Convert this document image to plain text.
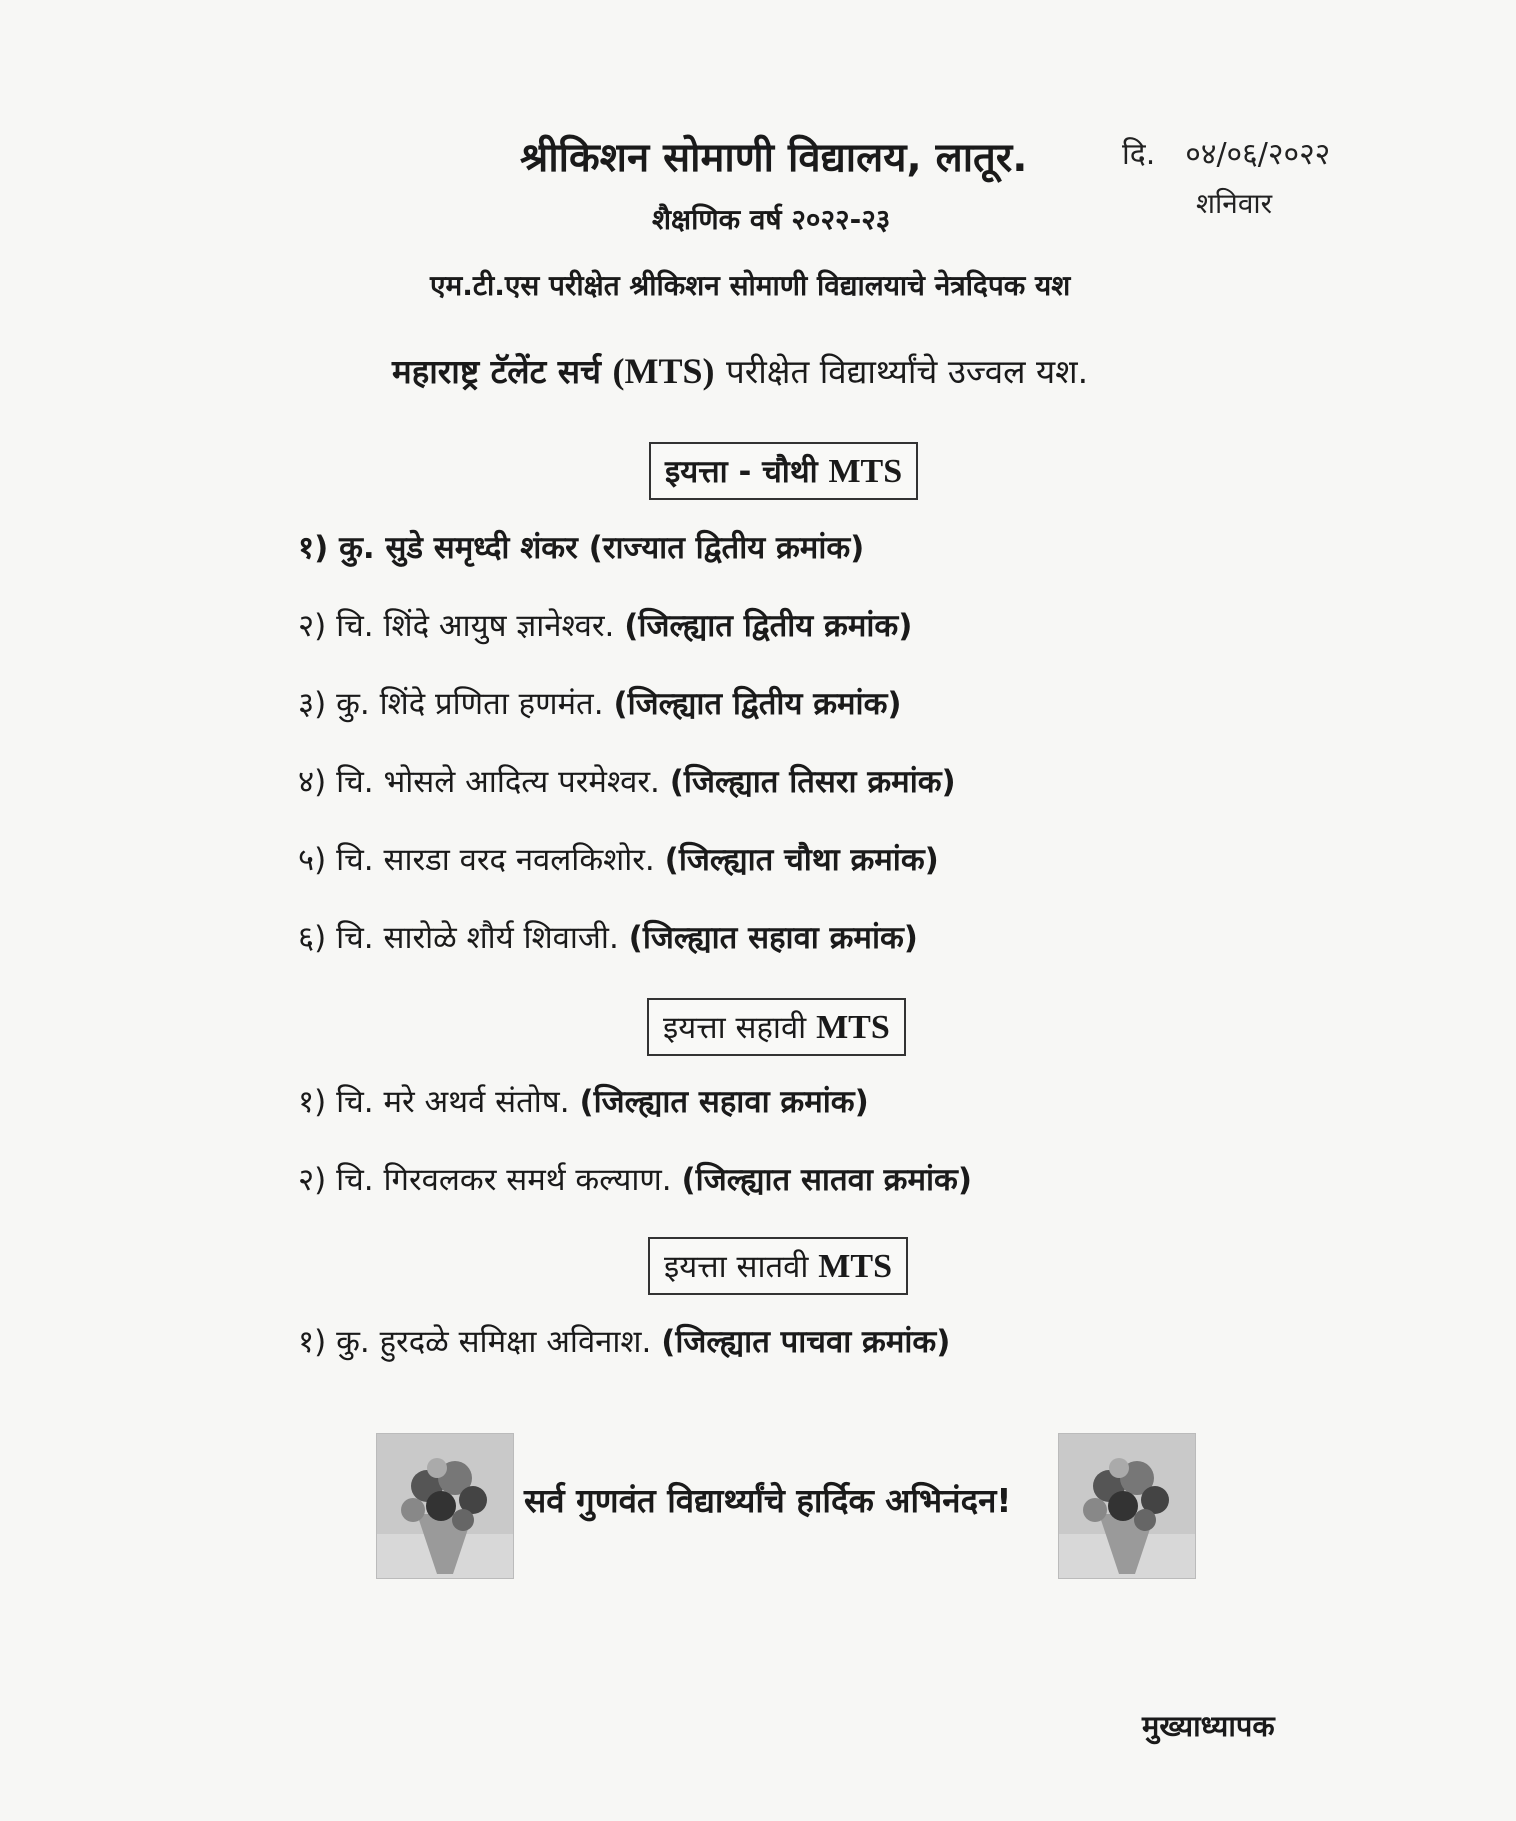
श्रीकिशन सोमाणी विद्यालय, लातूर.	दि. ०४/०६/२०२२
शनिवार
शैक्षणिक वर्ष २०२२-२३
एम.टी.एस परीक्षेत श्रीकिशन सोमाणी विद्यालयाचे नेत्रदिपक यश
महाराष्ट्र टॅलेंट सर्च (MTS) परीक्षेत विद्यार्थ्यांचे उज्वल यश.
इयत्ता - चौथी MTS
१) कु. सुडे समृध्दी शंकर (राज्यात द्वितीय क्रमांक)
२) चि. शिंदे आयुष ज्ञानेश्वर. (जिल्ह्यात द्वितीय क्रमांक)
३) कु. शिंदे प्रणिता हणमंत. (जिल्ह्यात द्वितीय क्रमांक)
४) चि. भोसले आदित्य परमेश्वर. (जिल्ह्यात तिसरा क्रमांक)
५) चि. सारडा वरद नवलकिशोर. (जिल्ह्यात चौथा क्रमांक)
६) चि. सारोळे शौर्य शिवाजी. (जिल्ह्यात सहावा क्रमांक)
इयत्ता सहावी MTS
१) चि. मरे अथर्व संतोष. (जिल्ह्यात सहावा क्रमांक)
२) चि. गिरवलकर समर्थ कल्याण. (जिल्ह्यात सातवा क्रमांक)
इयत्ता सातवी MTS
१) कु. हुरदळे समिक्षा अविनाश. (जिल्ह्यात पाचवा क्रमांक)
सर्व गुणवंत विद्यार्थ्यांचे हार्दिक अभिनंदन!
मुख्याध्यापक
